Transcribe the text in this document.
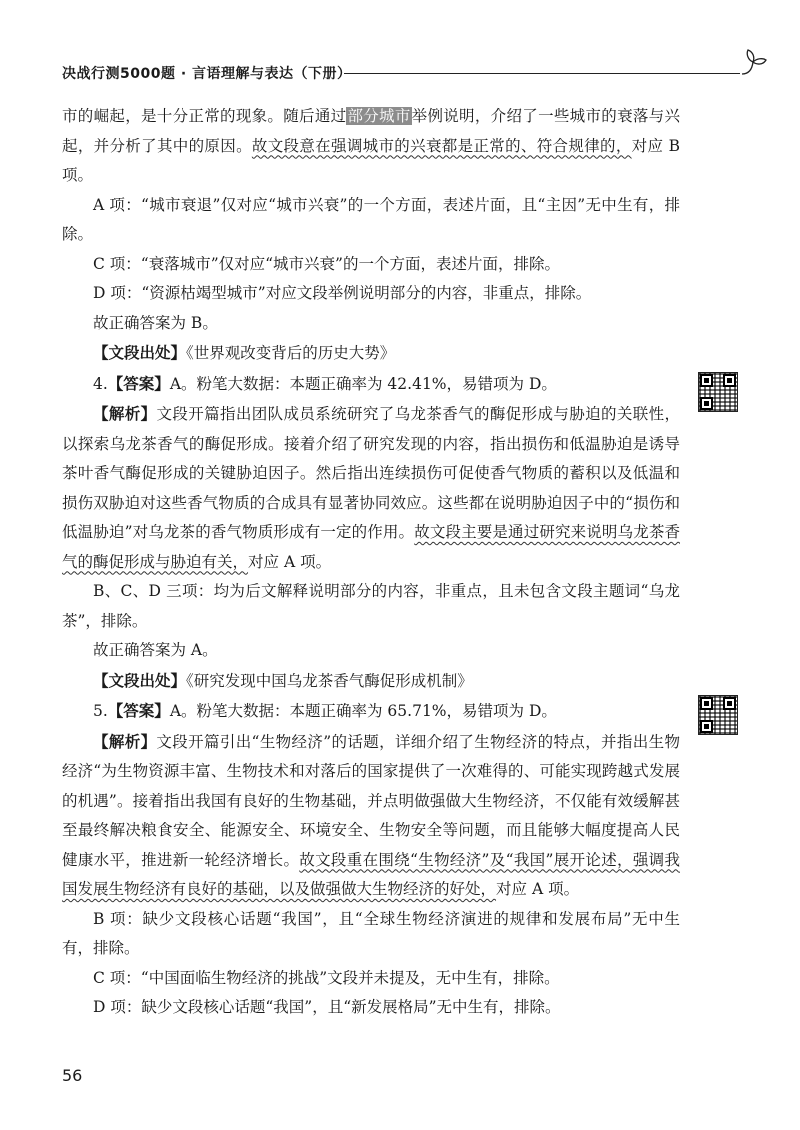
决战行测5000题 · 言语理解与表达（下册）

市的崛起，是十分正常的现象。随后通过部分城市举例说明，介绍了一些城市的衰落与兴起，并分析了其中的原因。故文段意在强调城市的兴衰都是正常的、符合规律的，对应 B 项。

A 项：“城市衰退”仅对应“城市兴衰”的一个方面，表述片面，且“主因”无中生有，排除。

C 项：“衰落城市”仅对应“城市兴衰”的一个方面，表述片面，排除。

D 项：“资源枯竭型城市”对应文段举例说明部分的内容，非重点，排除。

故正确答案为 B。

【文段出处】《世界观改变背后的历史大势》

4.【答案】A。粉笔大数据：本题正确率为 42.41%，易错项为 D。

【解析】文段开篇指出团队成员系统研究了乌龙茶香气的酶促形成与胁迫的关联性，以探索乌龙茶香气的酶促形成。接着介绍了研究发现的内容，指出损伤和低温胁迫是诱导茶叶香气酶促形成的关键胁迫因子。然后指出连续损伤可促使香气物质的蓄积以及低温和损伤双胁迫对这些香气物质的合成具有显著协同效应。这些都在说明胁迫因子中的“损伤和低温胁迫”对乌龙茶的香气物质形成有一定的作用。故文段主要是通过研究来说明乌龙茶香气的酶促形成与胁迫有关，对应 A 项。

B、C、D 三项：均为后文解释说明部分的内容，非重点，且未包含文段主题词“乌龙茶”，排除。

故正确答案为 A。

【文段出处】《研究发现中国乌龙茶香气酶促形成机制》

5.【答案】A。粉笔大数据：本题正确率为 65.71%，易错项为 D。

【解析】文段开篇引出“生物经济”的话题，详细介绍了生物经济的特点，并指出生物经济“为生物资源丰富、生物技术和对落后的国家提供了一次难得的、可能实现跨越式发展的机遇”。接着指出我国有良好的生物基础，并点明做强做大生物经济，不仅能有效缓解甚至最终解决粮食安全、能源安全、环境安全、生物安全等问题，而且能够大幅度提高人民健康水平，推进新一轮经济增长。故文段重在围绕“生物经济”及“我国”展开论述，强调我国发展生物经济有良好的基础，以及做强做大生物经济的好处，对应 A 项。

B 项：缺少文段核心话题“我国”，且“全球生物经济演进的规律和发展布局”无中生有，排除。

C 项：“中国面临生物经济的挑战”文段并未提及，无中生有，排除。

D 项：缺少文段核心话题“我国”，且“新发展格局”无中生有，排除。

56
